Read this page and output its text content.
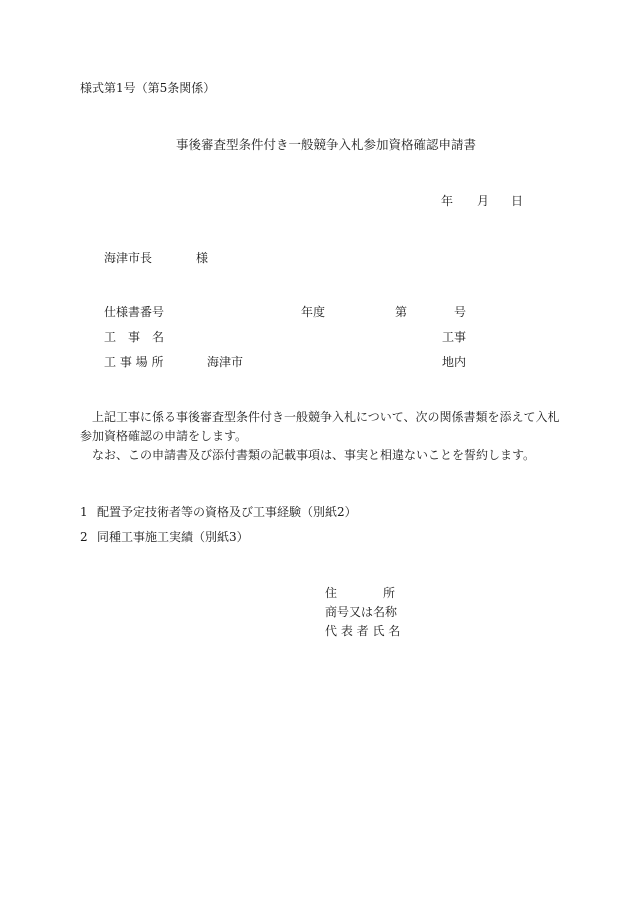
様式第1号（第5条関係）
事後審査型条件付き一般競争入札参加資格確認申請書
年 月 日
海津市長	様
仕様書番号	年度	第	号
工　事　名	工事
工 事 場 所	海津市	地内

上記工事に係る事後審査型条件付き一般競争入札について、次の関係書類を添えて入札参加資格確認の申請をします。

なお、この申請書及び添付書類の記載事項は、事実と相違ないことを誓約します。

1 配置予定技術者等の資格及び工事経験（別紙2）
2 同種工事施工実績（別紙3）
住	所
商号又は名称
代 表 者 氏 名
